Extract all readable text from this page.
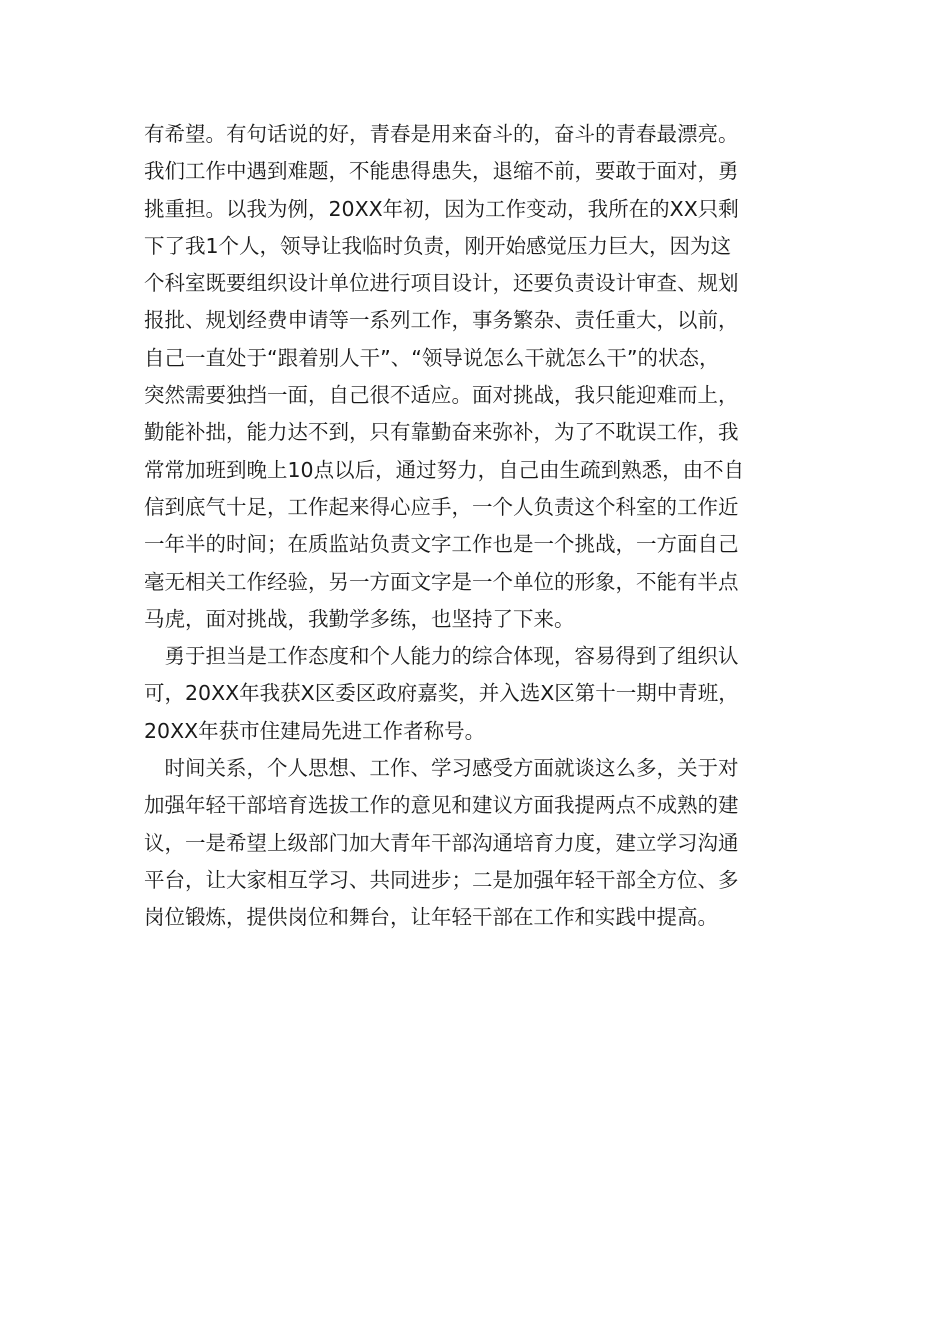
有希望。有句话说的好，青春是用来奋斗的，奋斗的青春最漂亮。
我们工作中遇到难题，不能患得患失，退缩不前，要敢于面对，勇
挑重担。以我为例，20XX年初，因为工作变动，我所在的XX只剩
下了我1个人，领导让我临时负责，刚开始感觉压力巨大，因为这
个科室既要组织设计单位进行项目设计，还要负责设计审查、规划
报批、规划经费申请等一系列工作，事务繁杂、责任重大，以前，
自己一直处于“跟着别人干”、“领导说怎么干就怎么干”的状态，
突然需要独挡一面，自己很不适应。面对挑战，我只能迎难而上，
勤能补拙，能力达不到，只有靠勤奋来弥补，为了不耽误工作，我
常常加班到晚上10点以后，通过努力，自己由生疏到熟悉，由不自
信到底气十足，工作起来得心应手，一个人负责这个科室的工作近
一年半的时间；在质监站负责文字工作也是一个挑战，一方面自己
毫无相关工作经验，另一方面文字是一个单位的形象，不能有半点
马虎，面对挑战，我勤学多练，也坚持了下来。
　勇于担当是工作态度和个人能力的综合体现，容易得到了组织认
可，20XX年我获X区委区政府嘉奖，并入选X区第十一期中青班，
20XX年获市住建局先进工作者称号。
　时间关系，个人思想、工作、学习感受方面就谈这么多，关于对
加强年轻干部培育选拔工作的意见和建议方面我提两点不成熟的建
议，一是希望上级部门加大青年干部沟通培育力度，建立学习沟通
平台，让大家相互学习、共同进步；二是加强年轻干部全方位、多
岗位锻炼，提供岗位和舞台，让年轻干部在工作和实践中提高。
